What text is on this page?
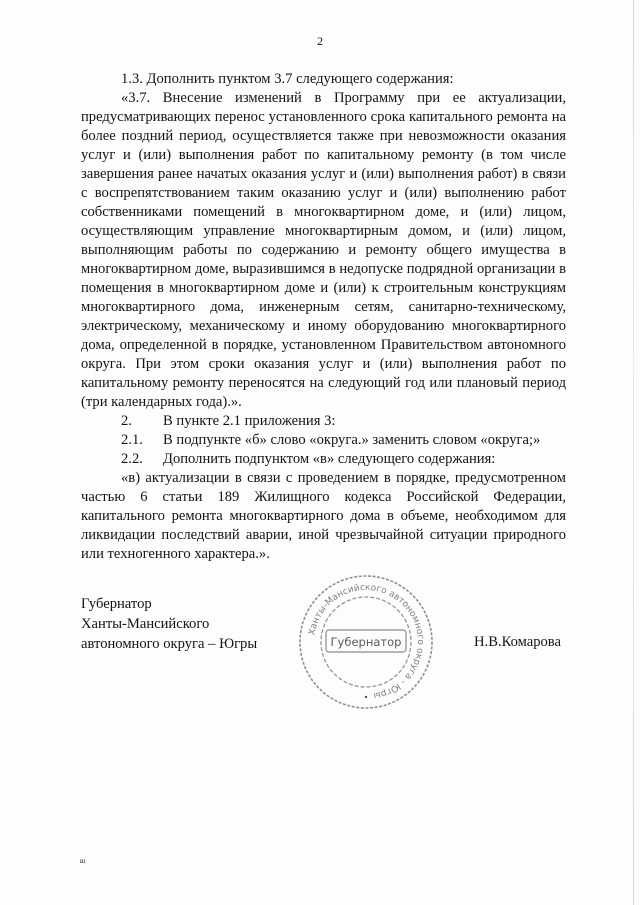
2

1.3. Дополнить пунктом 3.7 следующего содержания:

«3.7. Внесение изменений в Программу при ее актуализации, предусматривающих перенос установленного срока капитального ремонта на более поздний период, осуществляется также при невозможности оказания услуг и (или) выполнения работ по капитальному ремонту (в том числе завершения ранее начатых оказания услуг и (или) выполнения работ) в связи с воспрепятствованием таким оказанию услуг и (или) выполнению работ собственниками помещений в многоквартирном доме, и (или) лицом, осуществляющим управление многоквартирным домом, и (или) лицом, выполняющим работы по содержанию и ремонту общего имущества в многоквартирном доме, выразившимся в недопуске подрядной организации в помещения в многоквартирном доме и (или) к строительным конструкциям многоквартирного дома, инженерным сетям, санитарно-техническому, электрическому, механическому и иному оборудованию многоквартирного дома, определенной в порядке, установленном Правительством автономного округа. При этом сроки оказания услуг и (или) выполнения работ по капитальному ремонту переносятся на следующий год или плановый период (три календарных года).».

2.	В пункте 2.1 приложения 3:
2.1.	В подпункте «б» слово «округа.» заменить словом «округа;»
2.2.	Дополнить подпунктом «в» следующего содержания:

«в) актуализации в связи с проведением в порядке, предусмотренном частью 6 статьи 189 Жилищного кодекса Российской Федерации, капитального ремонта многоквартирного дома в объеме, необходимом для ликвидации последствий аварии, иной чрезвычайной ситуации природного или техногенного характера.».

Губернатор
Ханты-Мансийского
автономного округа – Югры
Ханты-Мансийского автономного округа - Югры
Губернатор	Н.В.Комарова
ш
